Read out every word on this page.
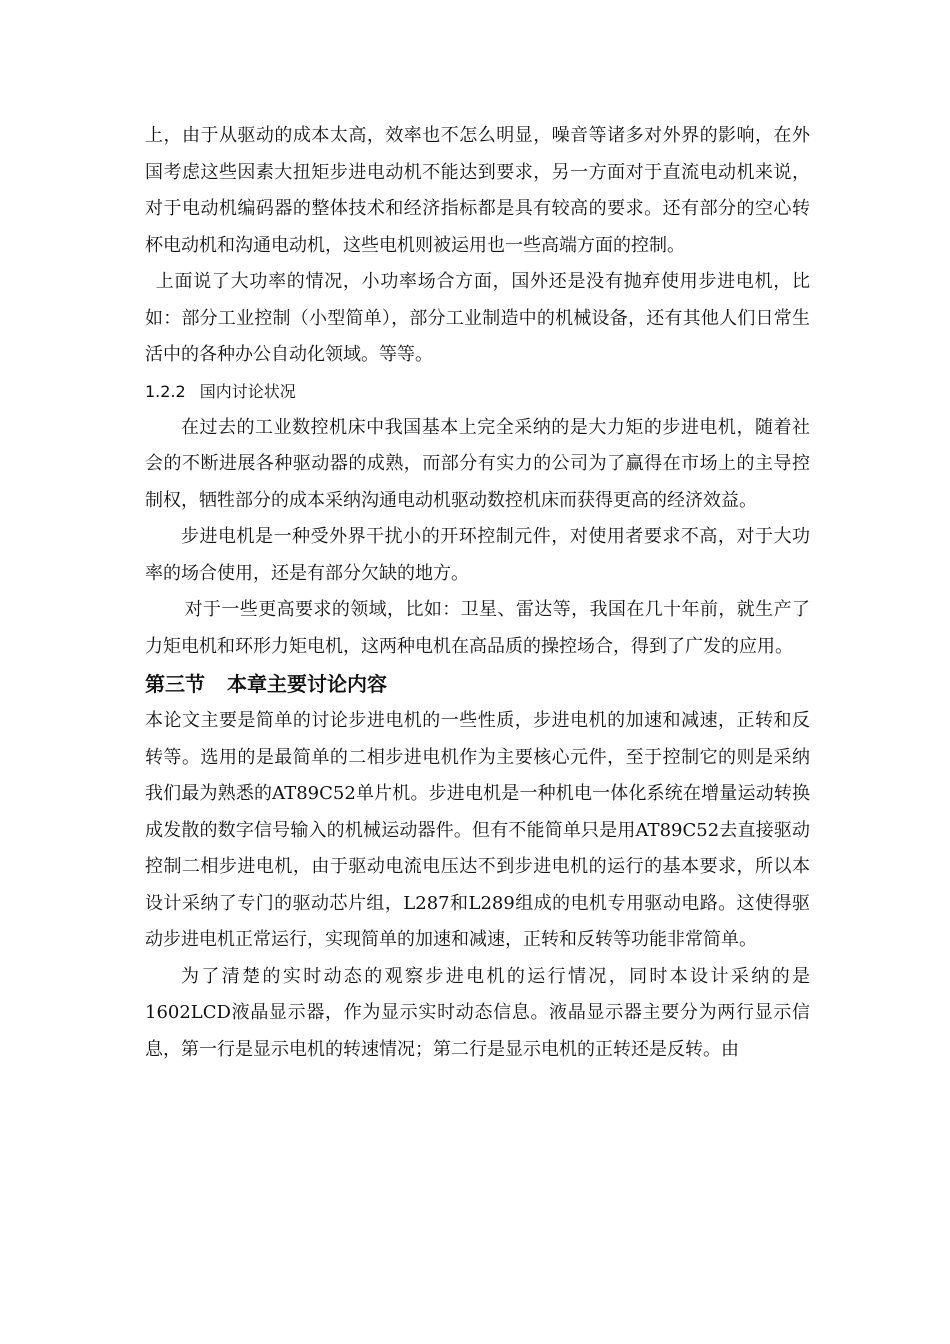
上，由于从驱动的成本太高，效率也不怎么明显，噪音等诸多对外界的影响，在外国考虑这些因素大扭矩步进电动机不能达到要求，另一方面对于直流电动机来说，对于电动机编码器的整体技术和经济指标都是具有较高的要求。还有部分的空心转杯电动机和沟通电动机，这些电机则被运用也一些高端方面的控制。

上面说了大功率的情况，小功率场合方面，国外还是没有抛弃使用步进电机，比如：部分工业控制（小型简单），部分工业制造中的机械设备，还有其他人们日常生活中的各种办公自动化领域。等等。

1.2.2 国内讨论状况

在过去的工业数控机床中我国基本上完全采纳的是大力矩的步进电机，随着社会的不断进展各种驱动器的成熟，而部分有实力的公司为了赢得在市场上的主导控制权，牺牲部分的成本采纳沟通电动机驱动数控机床而获得更高的经济效益。

步进电机是一种受外界干扰小的开环控制元件，对使用者要求不高，对于大功率的场合使用，还是有部分欠缺的地方。

对于一些更高要求的领域，比如：卫星、雷达等，我国在几十年前，就生产了力矩电机和环形力矩电机，这两种电机在高品质的操控场合，得到了广发的应用。

第三节 本章主要讨论内容

本论文主要是简单的讨论步进电机的一些性质，步进电机的加速和减速，正转和反转等。选用的是最简单的二相步进电机作为主要核心元件，至于控制它的则是采纳我们最为熟悉的AT89C52单片机。步进电机是一种机电一体化系统在增量运动转换成发散的数字信号输入的机械运动器件。但有不能简单只是用AT89C52去直接驱动控制二相步进电机，由于驱动电流电压达不到步进电机的运行的基本要求，所以本设计采纳了专门的驱动芯片组，L287和L289组成的电机专用驱动电路。这使得驱动步进电机正常运行，实现简单的加速和减速，正转和反转等功能非常简单。

为了清楚的实时动态的观察步进电机的运行情况，同时本设计采纳的是1602LCD液晶显示器，作为显示实时动态信息。液晶显示器主要分为两行显示信息，第一行是显示电机的转速情况；第二行是显示电机的正转还是反转。由
